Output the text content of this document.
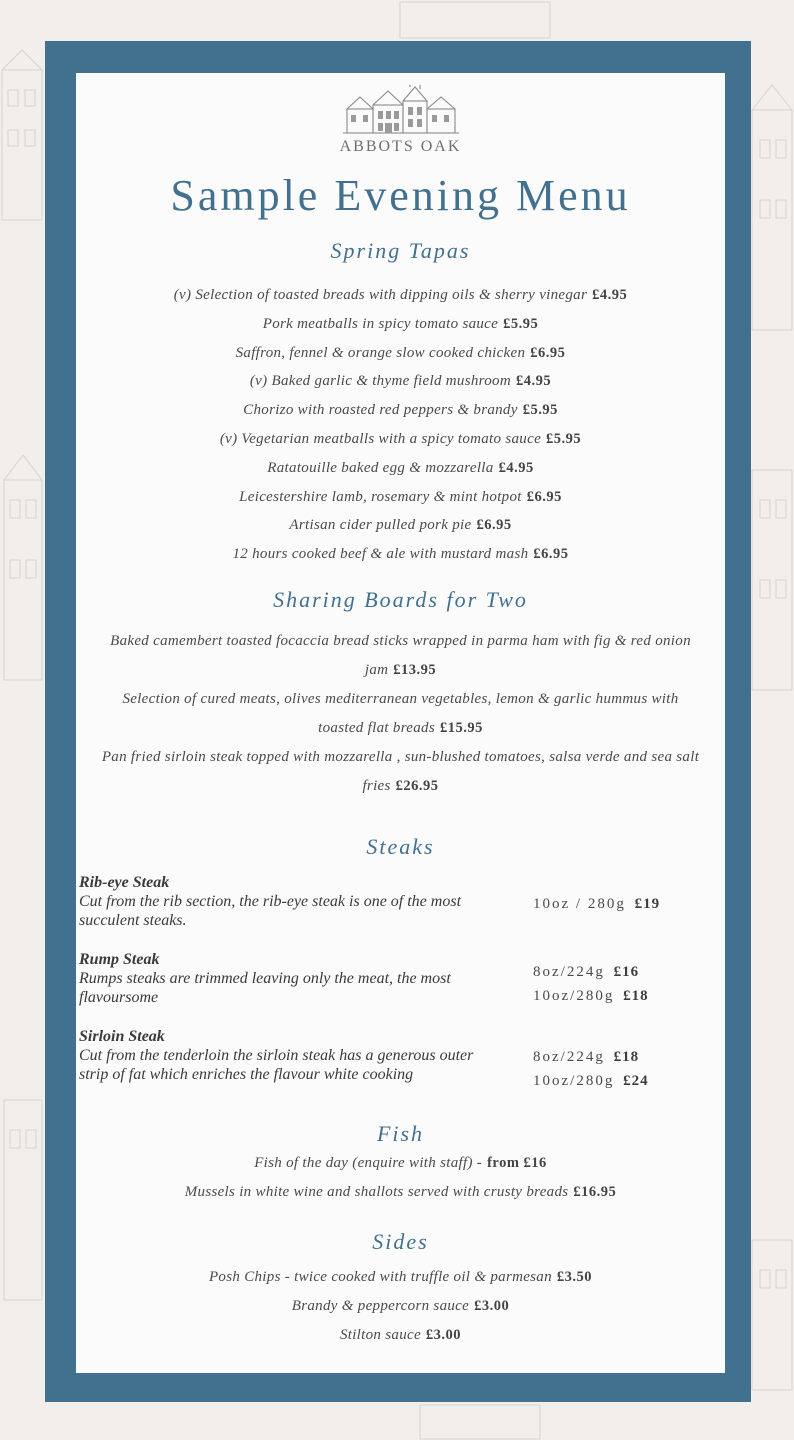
ABBOTS OAK
Sample Evening Menu
Spring Tapas
(v) Selection of toasted breads with dipping oils & sherry vinegar £4.95
Pork meatballs in spicy tomato sauce £5.95
Saffron, fennel & orange slow cooked chicken £6.95
(v) Baked garlic & thyme field mushroom £4.95
Chorizo with roasted red peppers & brandy £5.95
(v) Vegetarian meatballs with a spicy tomato sauce £5.95
Ratatouille baked egg & mozzarella £4.95
Leicestershire lamb, rosemary & mint hotpot £6.95
Artisan cider pulled pork pie £6.95
12 hours cooked beef & ale with mustard mash £6.95
Sharing Boards for Two
Baked camembert toasted focaccia bread sticks wrapped in parma ham with fig & red onion jam £13.95
Selection of cured meats, olives mediterranean vegetables, lemon & garlic hummus with toasted flat breads £15.95
Pan fried sirloin steak topped with mozzarella , sun-blushed tomatoes, salsa verde and sea salt fries £26.95
Steaks
Rib-eye Steak
Cut from the rib section, the rib-eye steak is one of the most succulent steaks.
10oz / 280g £19
Rump Steak
Rumps steaks are trimmed leaving only the meat, the most flavoursome
8oz/224g £16
10oz/280g £18
Sirloin Steak
Cut from the tenderloin the sirloin steak has a generous outer strip of fat which enriches the flavour white cooking
8oz/224g £18
10oz/280g £24
Fish
Fish of the day (enquire with staff) - from £16
Mussels in white wine and shallots served with crusty breads £16.95
Sides
Posh Chips - twice cooked with truffle oil & parmesan £3.50
Brandy & peppercorn sauce £3.00
Stilton sauce £3.00
